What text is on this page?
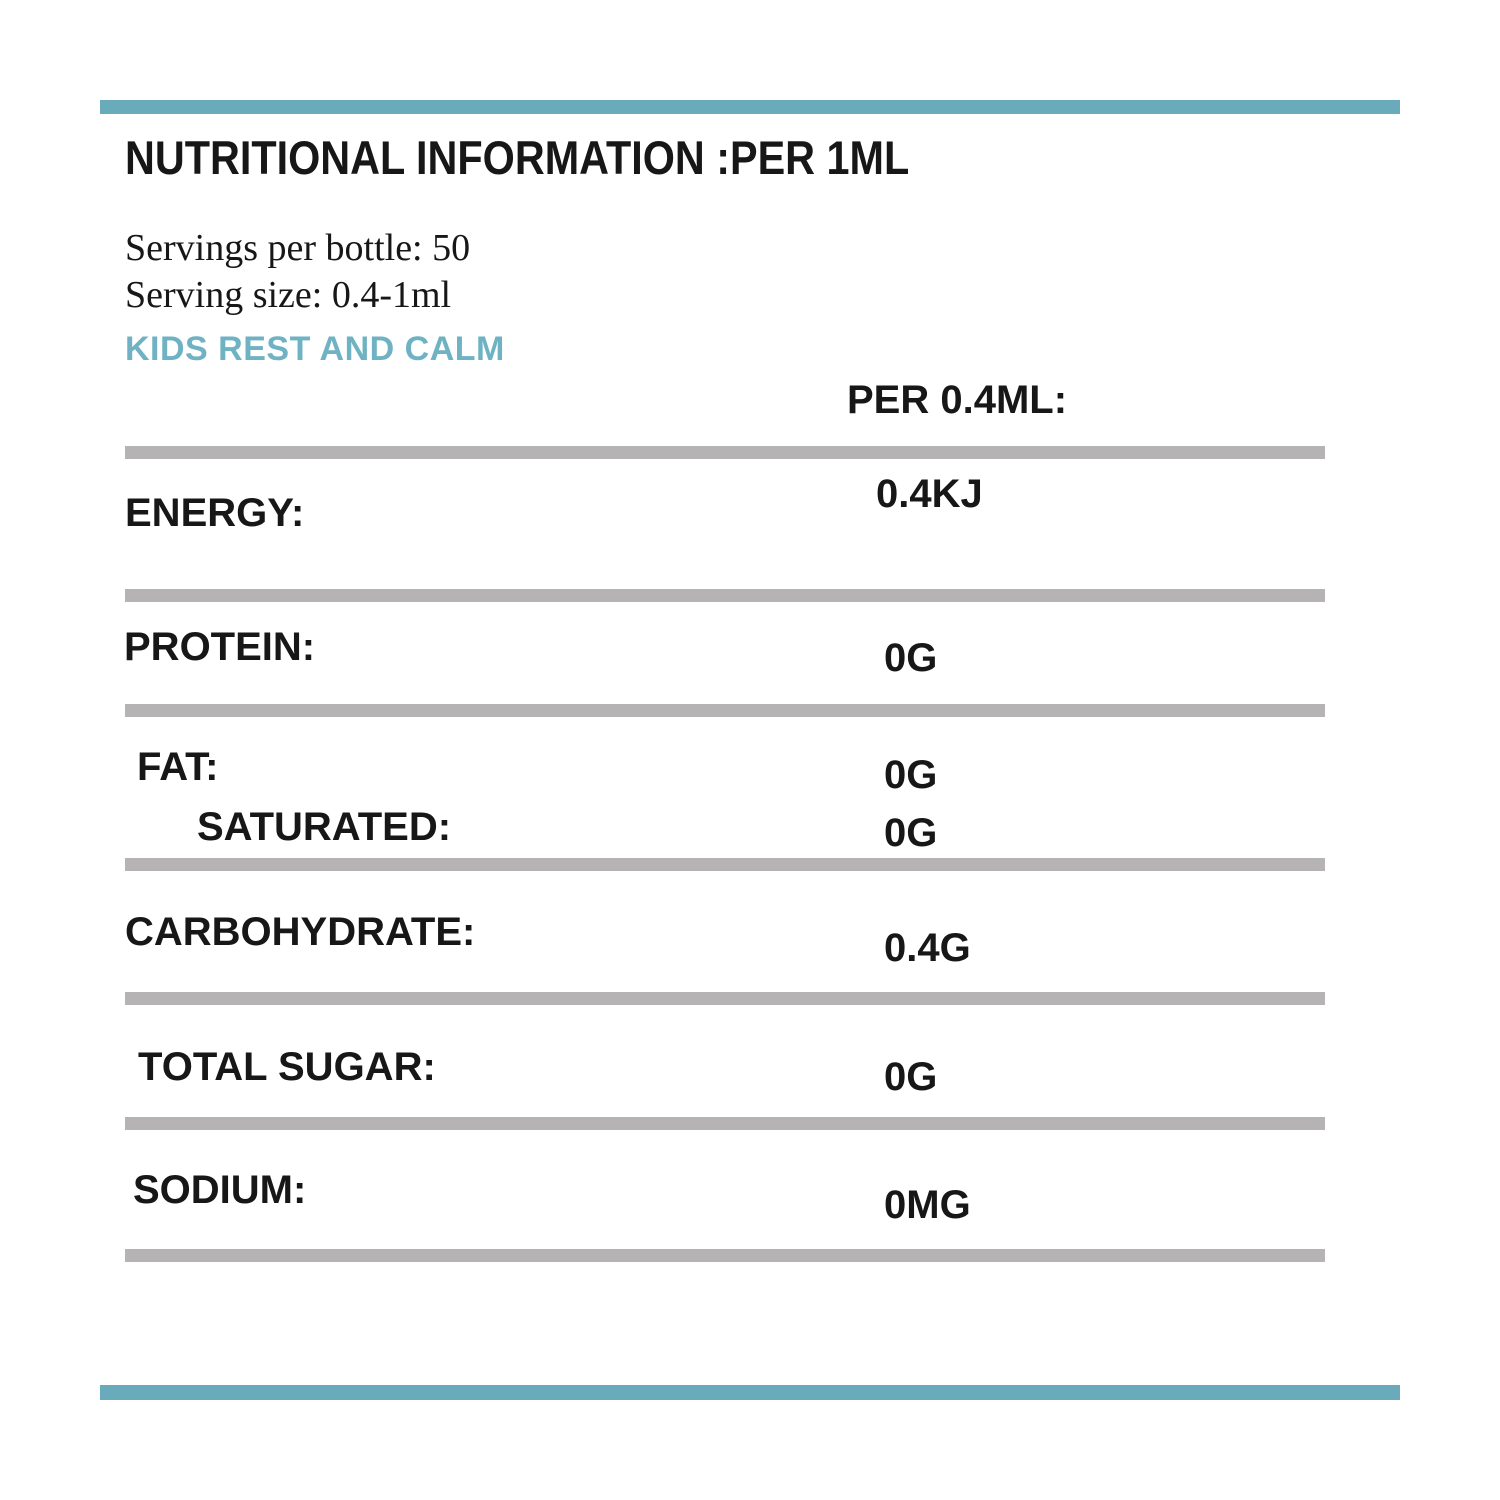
NUTRITIONAL INFORMATION :PER 1ML
Servings per bottle: 50
Serving size: 0.4-1ml
KIDS REST AND CALM
PER 0.4ML:
ENERGY:	0.4KJ
PROTEIN:	0G
FAT:	0G
SATURATED:	0G
CARBOHYDRATE:	0.4G
TOTAL SUGAR:	0G
SODIUM:	0MG
